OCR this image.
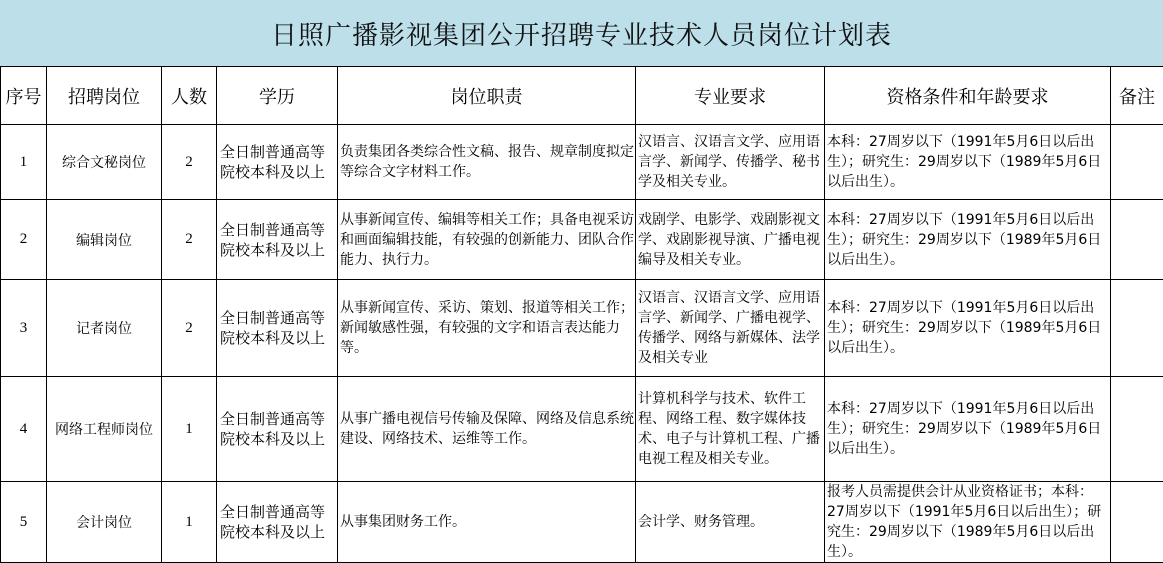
日照广播影视集团公开招聘专业技术人员岗位计划表
序号	招聘岗位	人数	学历	岗位职责	专业要求	资格条件和年龄要求	备注
1	综合文秘岗位	2	全日制普通高等院校本科及以上	负责集团各类综合性文稿、报告、规章制度拟定等综合文字材料工作。	汉语言、汉语言文学、应用语言学、新闻学、传播学、秘书学及相关专业。	本科：27周岁以下（1991年5月6日以后出生）；研究生：29周岁以下（1989年5月6日以后出生）。	
2	编辑岗位	2	全日制普通高等院校本科及以上	从事新闻宣传、编辑等相关工作；具备电视采访和画面编辑技能，有较强的创新能力、团队合作能力、执行力。	戏剧学、电影学、戏剧影视文学、戏剧影视导演、广播电视编导及相关专业。	本科：27周岁以下（1991年5月6日以后出生）；研究生：29周岁以下（1989年5月6日以后出生）。	
3	记者岗位	2	全日制普通高等院校本科及以上	从事新闻宣传、采访、策划、报道等相关工作；新闻敏感性强，有较强的文字和语言表达能力等。	汉语言、汉语言文学、应用语言学、新闻学、广播电视学、传播学、网络与新媒体、法学及相关专业	本科：27周岁以下（1991年5月6日以后出生）；研究生：29周岁以下（1989年5月6日以后出生）。	
4	网络工程师岗位	1	全日制普通高等院校本科及以上	从事广播电视信号传输及保障、网络及信息系统建设、网络技术、运维等工作。	计算机科学与技术、软件工程、网络工程、数字媒体技术、电子与计算机工程、广播电视工程及相关专业。	本科：27周岁以下（1991年5月6日以后出生）；研究生：29周岁以下（1989年5月6日以后出生）。	
5	会计岗位	1	全日制普通高等院校本科及以上	从事集团财务工作。	会计学、财务管理。	报考人员需提供会计从业资格证书；本科：27周岁以下（1991年5月6日以后出生）；研究生：29周岁以下（1989年5月6日以后出生）。	
